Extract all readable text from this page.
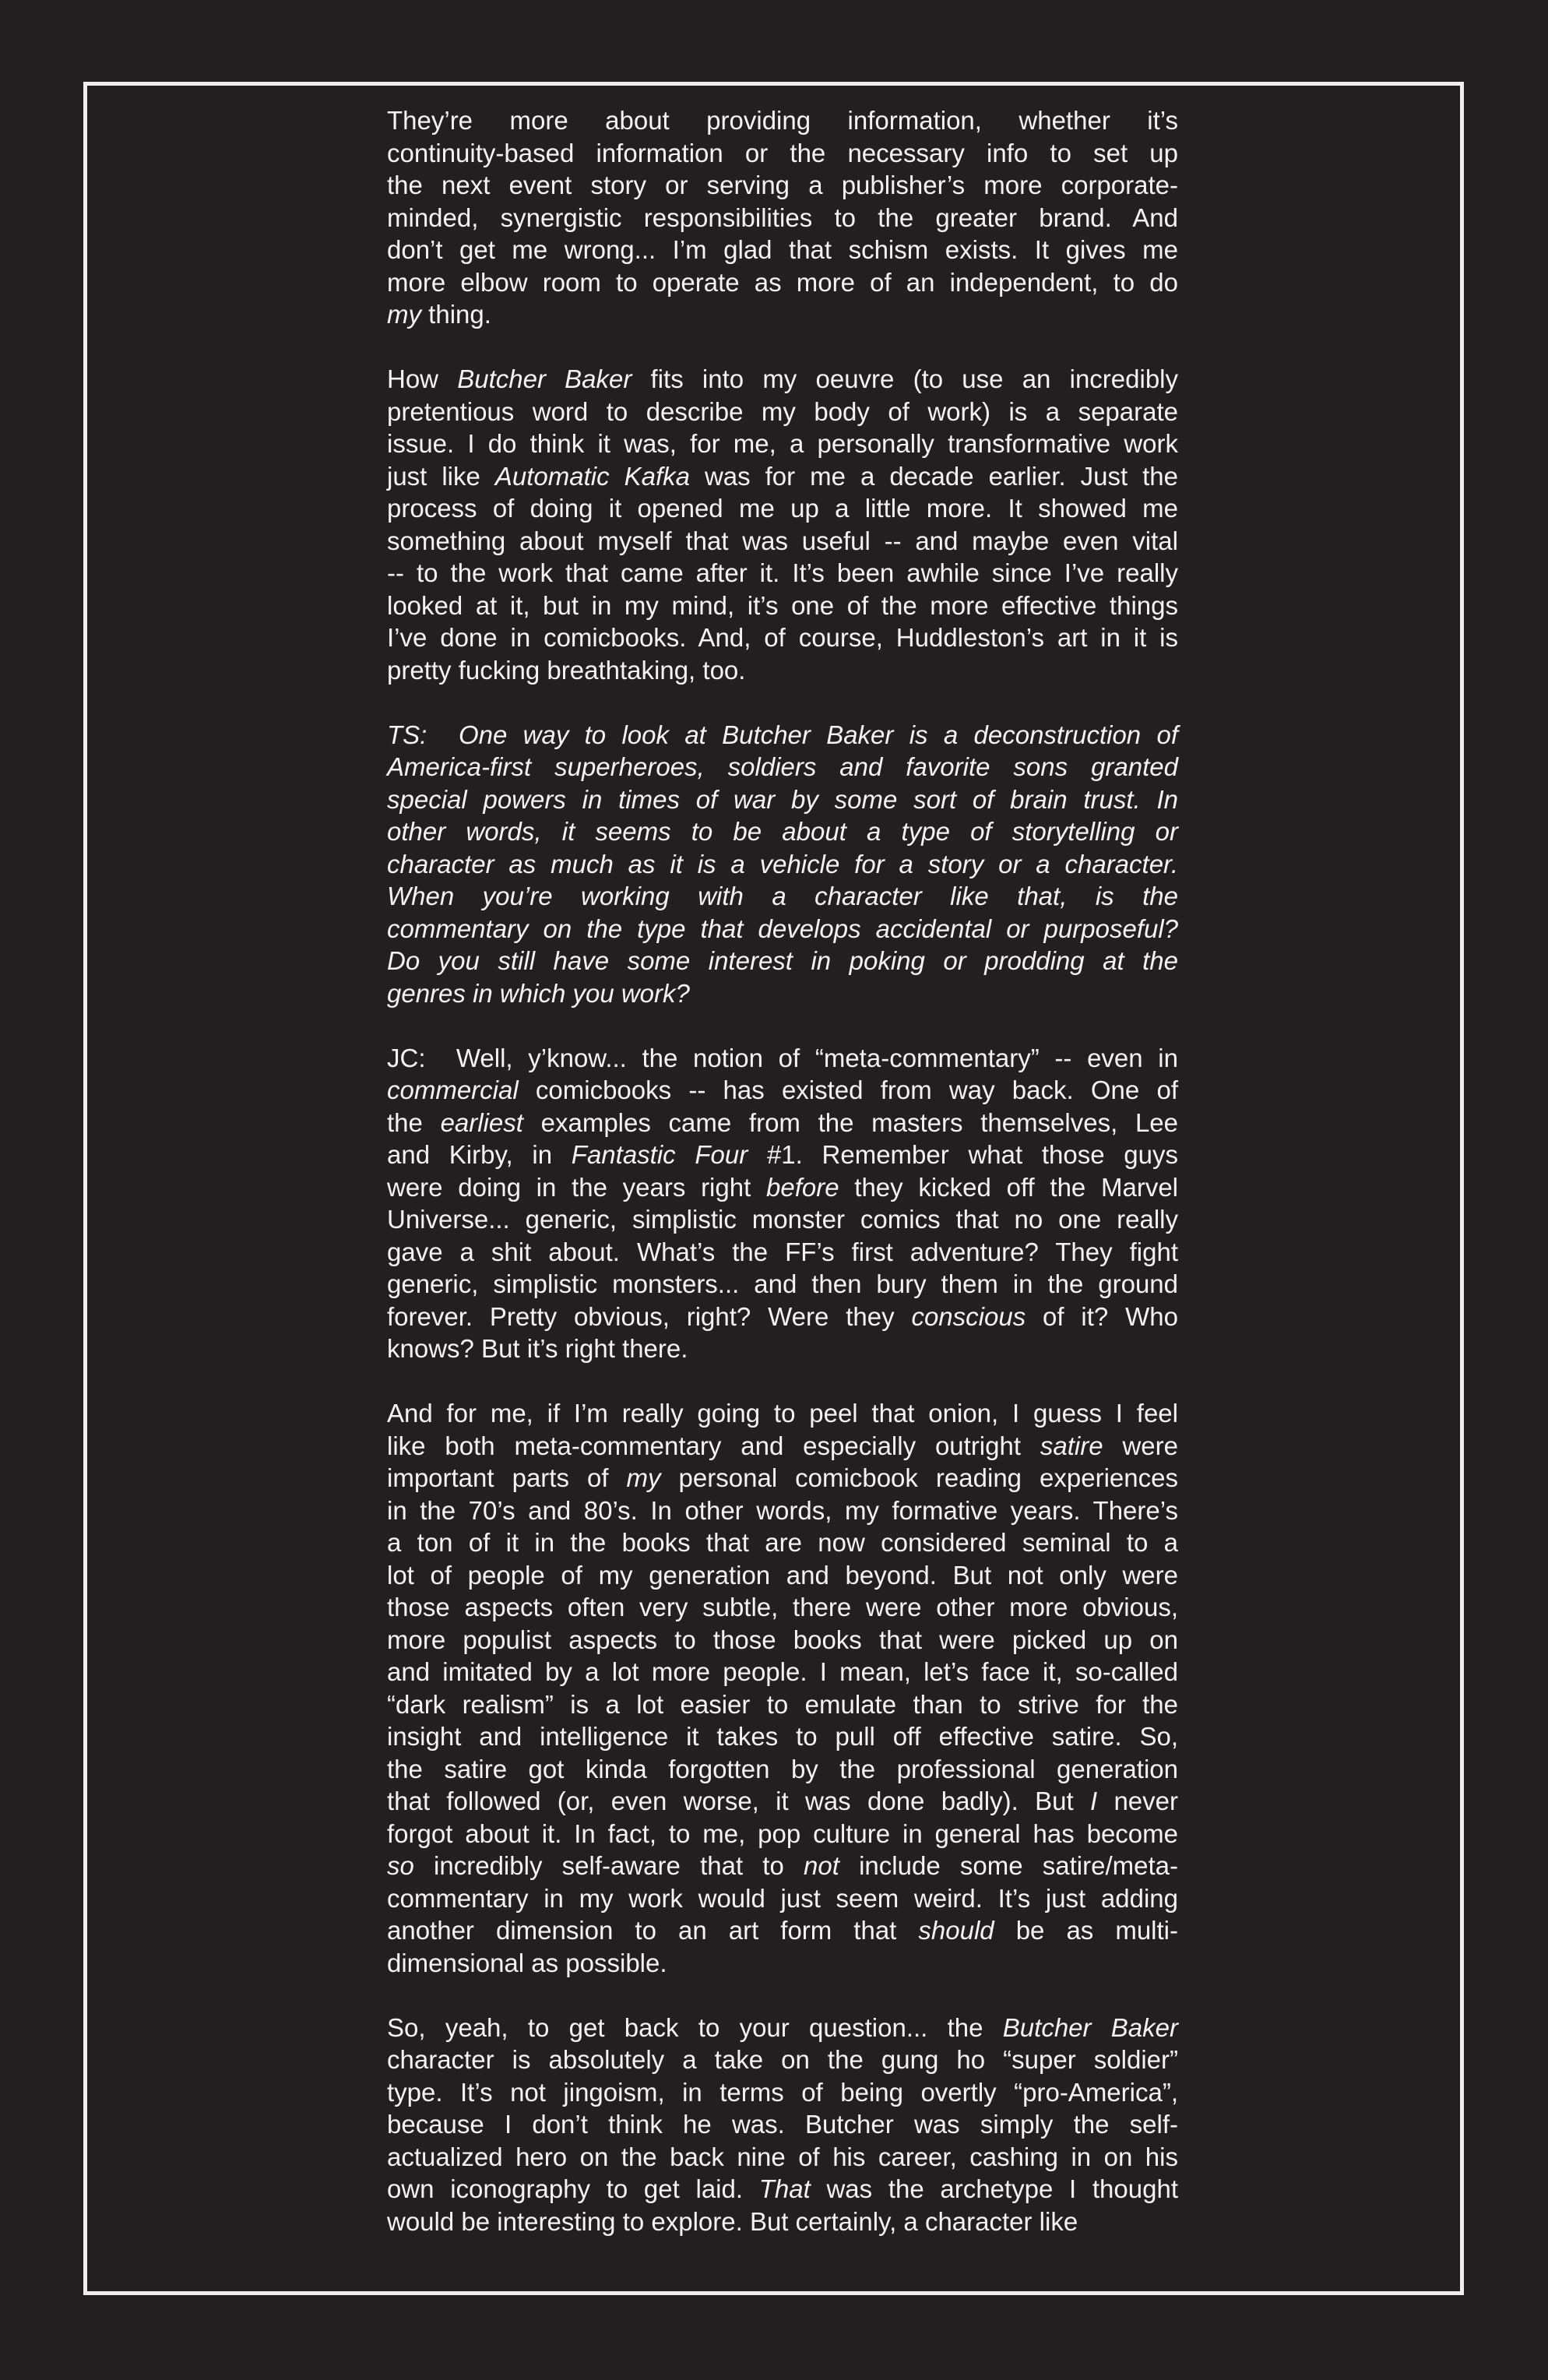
They’re more about providing information, whether it’s
continuity-based information or the necessary info to set up
the next event story or serving a publisher’s more corporate-
minded, synergistic responsibilities to the greater brand. And
don’t get me wrong... I’m glad that schism exists. It gives me
more elbow room to operate as more of an independent, to do
my thing.
How Butcher Baker fits into my oeuvre (to use an incredibly
pretentious word to describe my body of work) is a separate
issue. I do think it was, for me, a personally transformative work
just like Automatic Kafka was for me a decade earlier. Just the
process of doing it opened me up a little more. It showed me
something about myself that was useful -- and maybe even vital
-- to the work that came after it. It’s been awhile since I’ve really
looked at it, but in my mind, it’s one of the more effective things
I’ve done in comicbooks. And, of course, Huddleston’s art in it is
pretty fucking breathtaking, too.
TS:  One way to look at Butcher Baker is a deconstruction of
America-first superheroes, soldiers and favorite sons granted
special powers in times of war by some sort of brain trust. In
other words, it seems to be about a type of storytelling or
character as much as it is a vehicle for a story or a character.
When you’re working with a character like that, is the
commentary on the type that develops accidental or purposeful?
Do you still have some interest in poking or prodding at the
genres in which you work?
JC:  Well, y’know... the notion of “meta-commentary” -- even in
commercial comicbooks -- has existed from way back. One of
the earliest examples came from the masters themselves, Lee
and Kirby, in Fantastic Four #1. Remember what those guys
were doing in the years right before they kicked off the Marvel
Universe... generic, simplistic monster comics that no one really
gave a shit about. What’s the FF’s first adventure? They fight
generic, simplistic monsters... and then bury them in the ground
forever. Pretty obvious, right? Were they conscious of it? Who
knows? But it’s right there.
And for me, if I’m really going to peel that onion, I guess I feel
like both meta-commentary and especially outright satire were
important parts of my personal comicbook reading experiences
in the 70’s and 80’s. In other words, my formative years. There’s
a ton of it in the books that are now considered seminal to a
lot of people of my generation and beyond. But not only were
those aspects often very subtle, there were other more obvious,
more populist aspects to those books that were picked up on
and imitated by a lot more people. I mean, let’s face it, so-called
“dark realism” is a lot easier to emulate than to strive for the
insight and intelligence it takes to pull off effective satire. So,
the satire got kinda forgotten by the professional generation
that followed (or, even worse, it was done badly). But I never
forgot about it. In fact, to me, pop culture in general has become
so incredibly self-aware that to not include some satire/meta-
commentary in my work would just seem weird. It’s just adding
another dimension to an art form that should be as multi-
dimensional as possible.
So, yeah, to get back to your question... the Butcher Baker
character is absolutely a take on the gung ho “super soldier”
type. It’s not jingoism, in terms of being overtly “pro-America”,
because I don’t think he was. Butcher was simply the self-
actualized hero on the back nine of his career, cashing in on his
own iconography to get laid. That was the archetype I thought
would be interesting to explore. But certainly, a character like
